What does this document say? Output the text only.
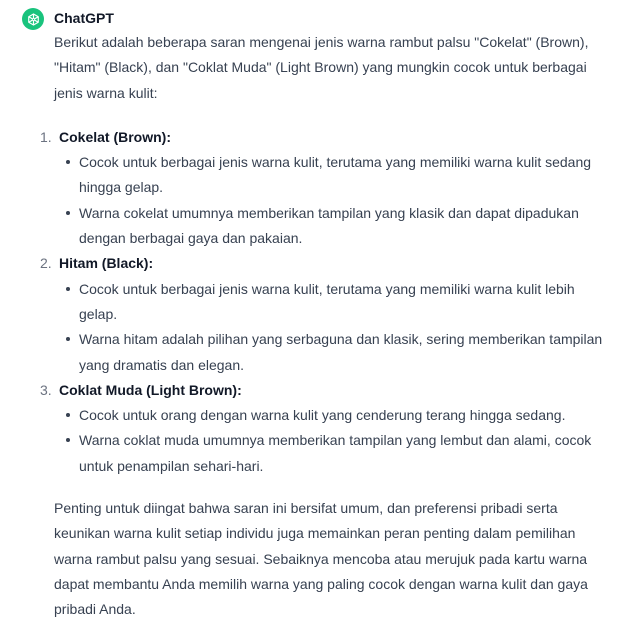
ChatGPT

Berikut adalah beberapa saran mengenai jenis warna rambut palsu "Cokelat" (Brown), "Hitam" (Black), dan "Coklat Muda" (Light Brown) yang mungkin cocok untuk berbagai jenis warna kulit:

1. Cokelat (Brown):
Cocok untuk berbagai jenis warna kulit, terutama yang memiliki warna kulit sedang hingga gelap.
Warna cokelat umumnya memberikan tampilan yang klasik dan dapat dipadukan dengan berbagai gaya dan pakaian.
2. Hitam (Black):
Cocok untuk berbagai jenis warna kulit, terutama yang memiliki warna kulit lebih gelap.
Warna hitam adalah pilihan yang serbaguna dan klasik, sering memberikan tampilan yang dramatis dan elegan.
3. Coklat Muda (Light Brown):
Cocok untuk orang dengan warna kulit yang cenderung terang hingga sedang.
Warna coklat muda umumnya memberikan tampilan yang lembut dan alami, cocok untuk penampilan sehari-hari.

Penting untuk diingat bahwa saran ini bersifat umum, dan preferensi pribadi serta keunikan warna kulit setiap individu juga memainkan peran penting dalam pemilihan warna rambut palsu yang sesuai. Sebaiknya mencoba atau merujuk pada kartu warna dapat membantu Anda memilih warna yang paling cocok dengan warna kulit dan gaya pribadi Anda.
